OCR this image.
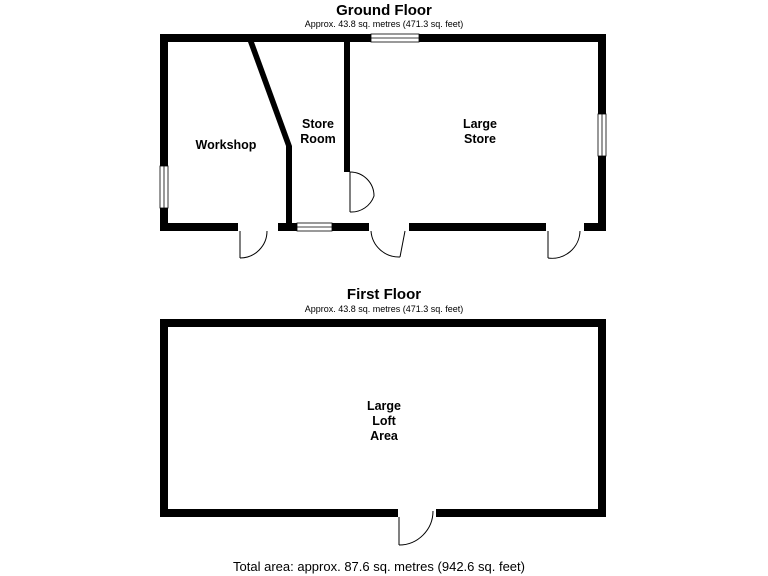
Ground Floor
Approx. 43.8 sq. metres (471.3 sq. feet)
Workshop
Store
Room
Large
Store
First Floor
Approx. 43.8 sq. metres (471.3 sq. feet)
Large
Loft
Area
Total area: approx. 87.6 sq. metres (942.6 sq. feet)
